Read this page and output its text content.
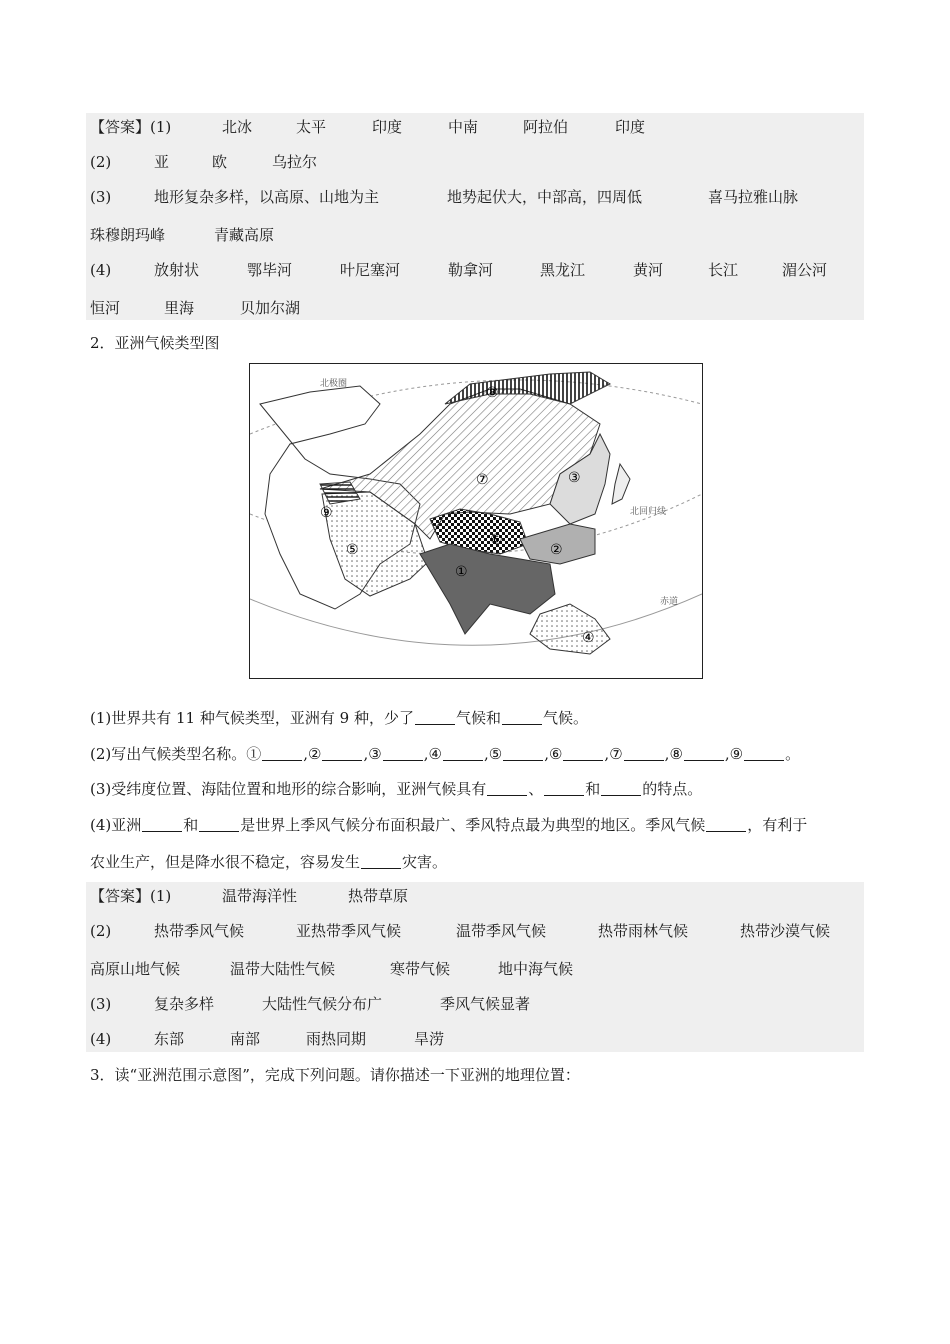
【答案】(1)	北冰	太平	印度	中南	阿拉伯	印度
(2)	亚	欧	乌拉尔
(3)	地形复杂多样，以高原、山地为主	地势起伏大，中部高，四周低	喜马拉雅山脉
珠穆朗玛峰	青藏高原
(4)	放射状	鄂毕河	叶尼塞河	勒拿河	黑龙江	黄河	长江	湄公河
恒河	里海	贝加尔湖
2．亚洲气候类型图
北极圈
北回归线
赤道
①
②
③
④
⑤
⑥
⑦
⑧
⑨
(1)世界共有 11 种气候类型，亚洲有 9 种，少了	气候和	气候。
(2)写出气候类型名称。①	,②	,③	,④	,⑤	,⑥	,⑦	,⑧	,⑨	。
(3)受纬度位置、海陆位置和地形的综合影响，亚洲气候具有	、	和	的特点。
(4)亚洲	和	是世界上季风气候分布面积最广、季风特点最为典型的地区。季风气候	，有利于
农业生产，但是降水很不稳定，容易发生	灾害。
【答案】(1)	温带海洋性	热带草原
(2)	热带季风气候	亚热带季风气候	温带季风气候	热带雨林气候	热带沙漠气候
高原山地气候	温带大陆性气候	寒带气候	地中海气候
(3)	复杂多样	大陆性气候分布广	季风气候显著
(4)	东部	南部	雨热同期	旱涝
3．读“亚洲范围示意图”，完成下列问题。请你描述一下亚洲的地理位置：
